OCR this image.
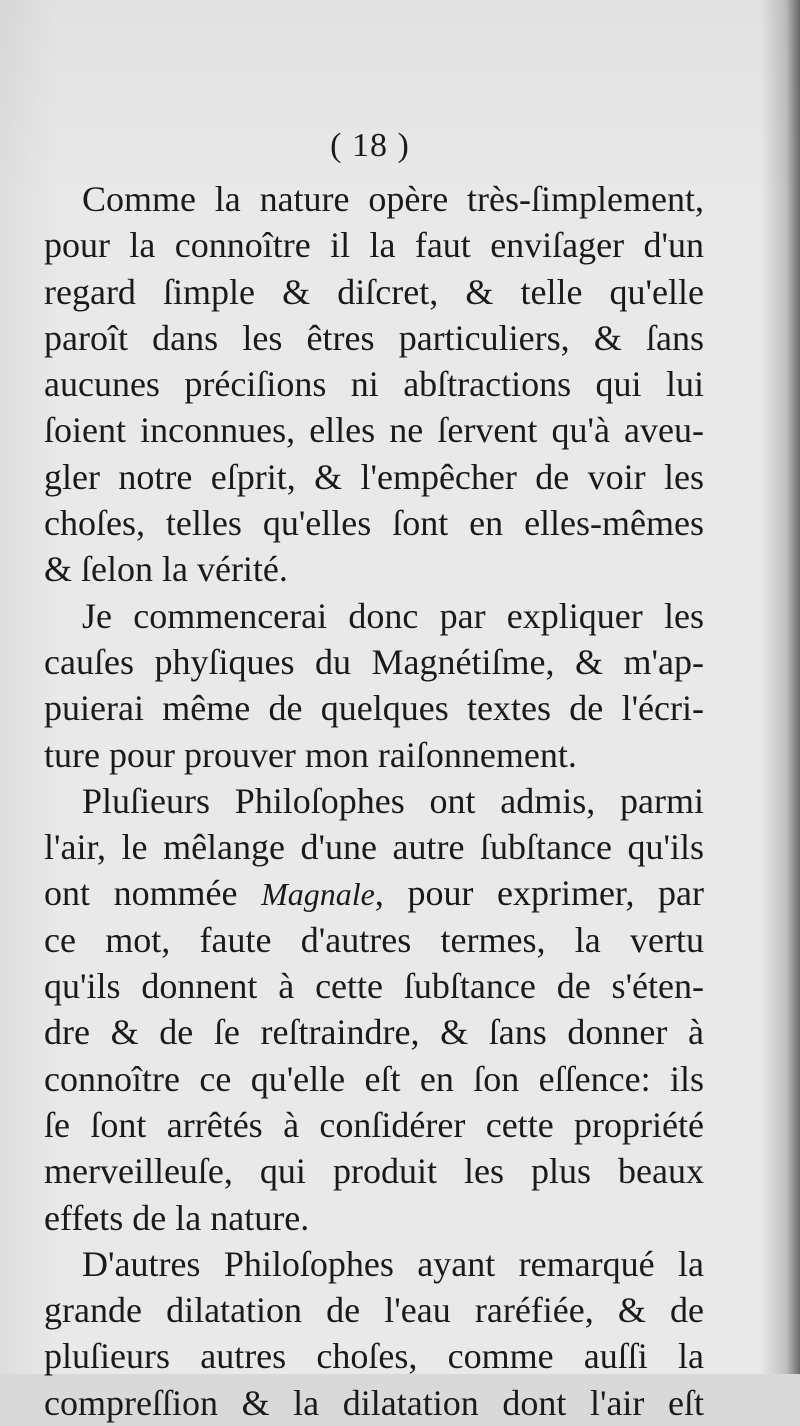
( 18 )
Comme la nature opère très-ſimplement,
pour la connoître il la faut enviſager d'un
regard ſimple & diſcret, & telle qu'elle
paroît dans les êtres particuliers, & ſans
aucunes préciſions ni abſtractions qui lui
ſoient inconnues, elles ne ſervent qu'à aveu-
gler notre eſprit, & l'empêcher de voir les
choſes, telles qu'elles ſont en elles-mêmes
& ſelon la vérité.
Je commencerai donc par expliquer les
cauſes phyſiques du Magnétiſme, & m'ap-
puierai même de quelques textes de l'écri-
ture pour prouver mon raiſonnement.
Pluſieurs Philoſophes ont admis, parmi
l'air, le mêlange d'une autre ſubſtance qu'ils
ont nommée Magnale, pour exprimer, par
ce mot, faute d'autres termes, la vertu
qu'ils donnent à cette ſubſtance de s'éten-
dre & de ſe reſtraindre, & ſans donner à
connoître ce qu'elle eſt en ſon eſſence: ils
ſe ſont arrêtés à conſidérer cette propriété
merveilleuſe, qui produit les plus beaux
effets de la nature.
D'autres Philoſophes ayant remarqué la
grande dilatation de l'eau raréfiée, & de
pluſieurs autres choſes, comme auſſi la
compreſſion & la dilatation dont l'air eſt
